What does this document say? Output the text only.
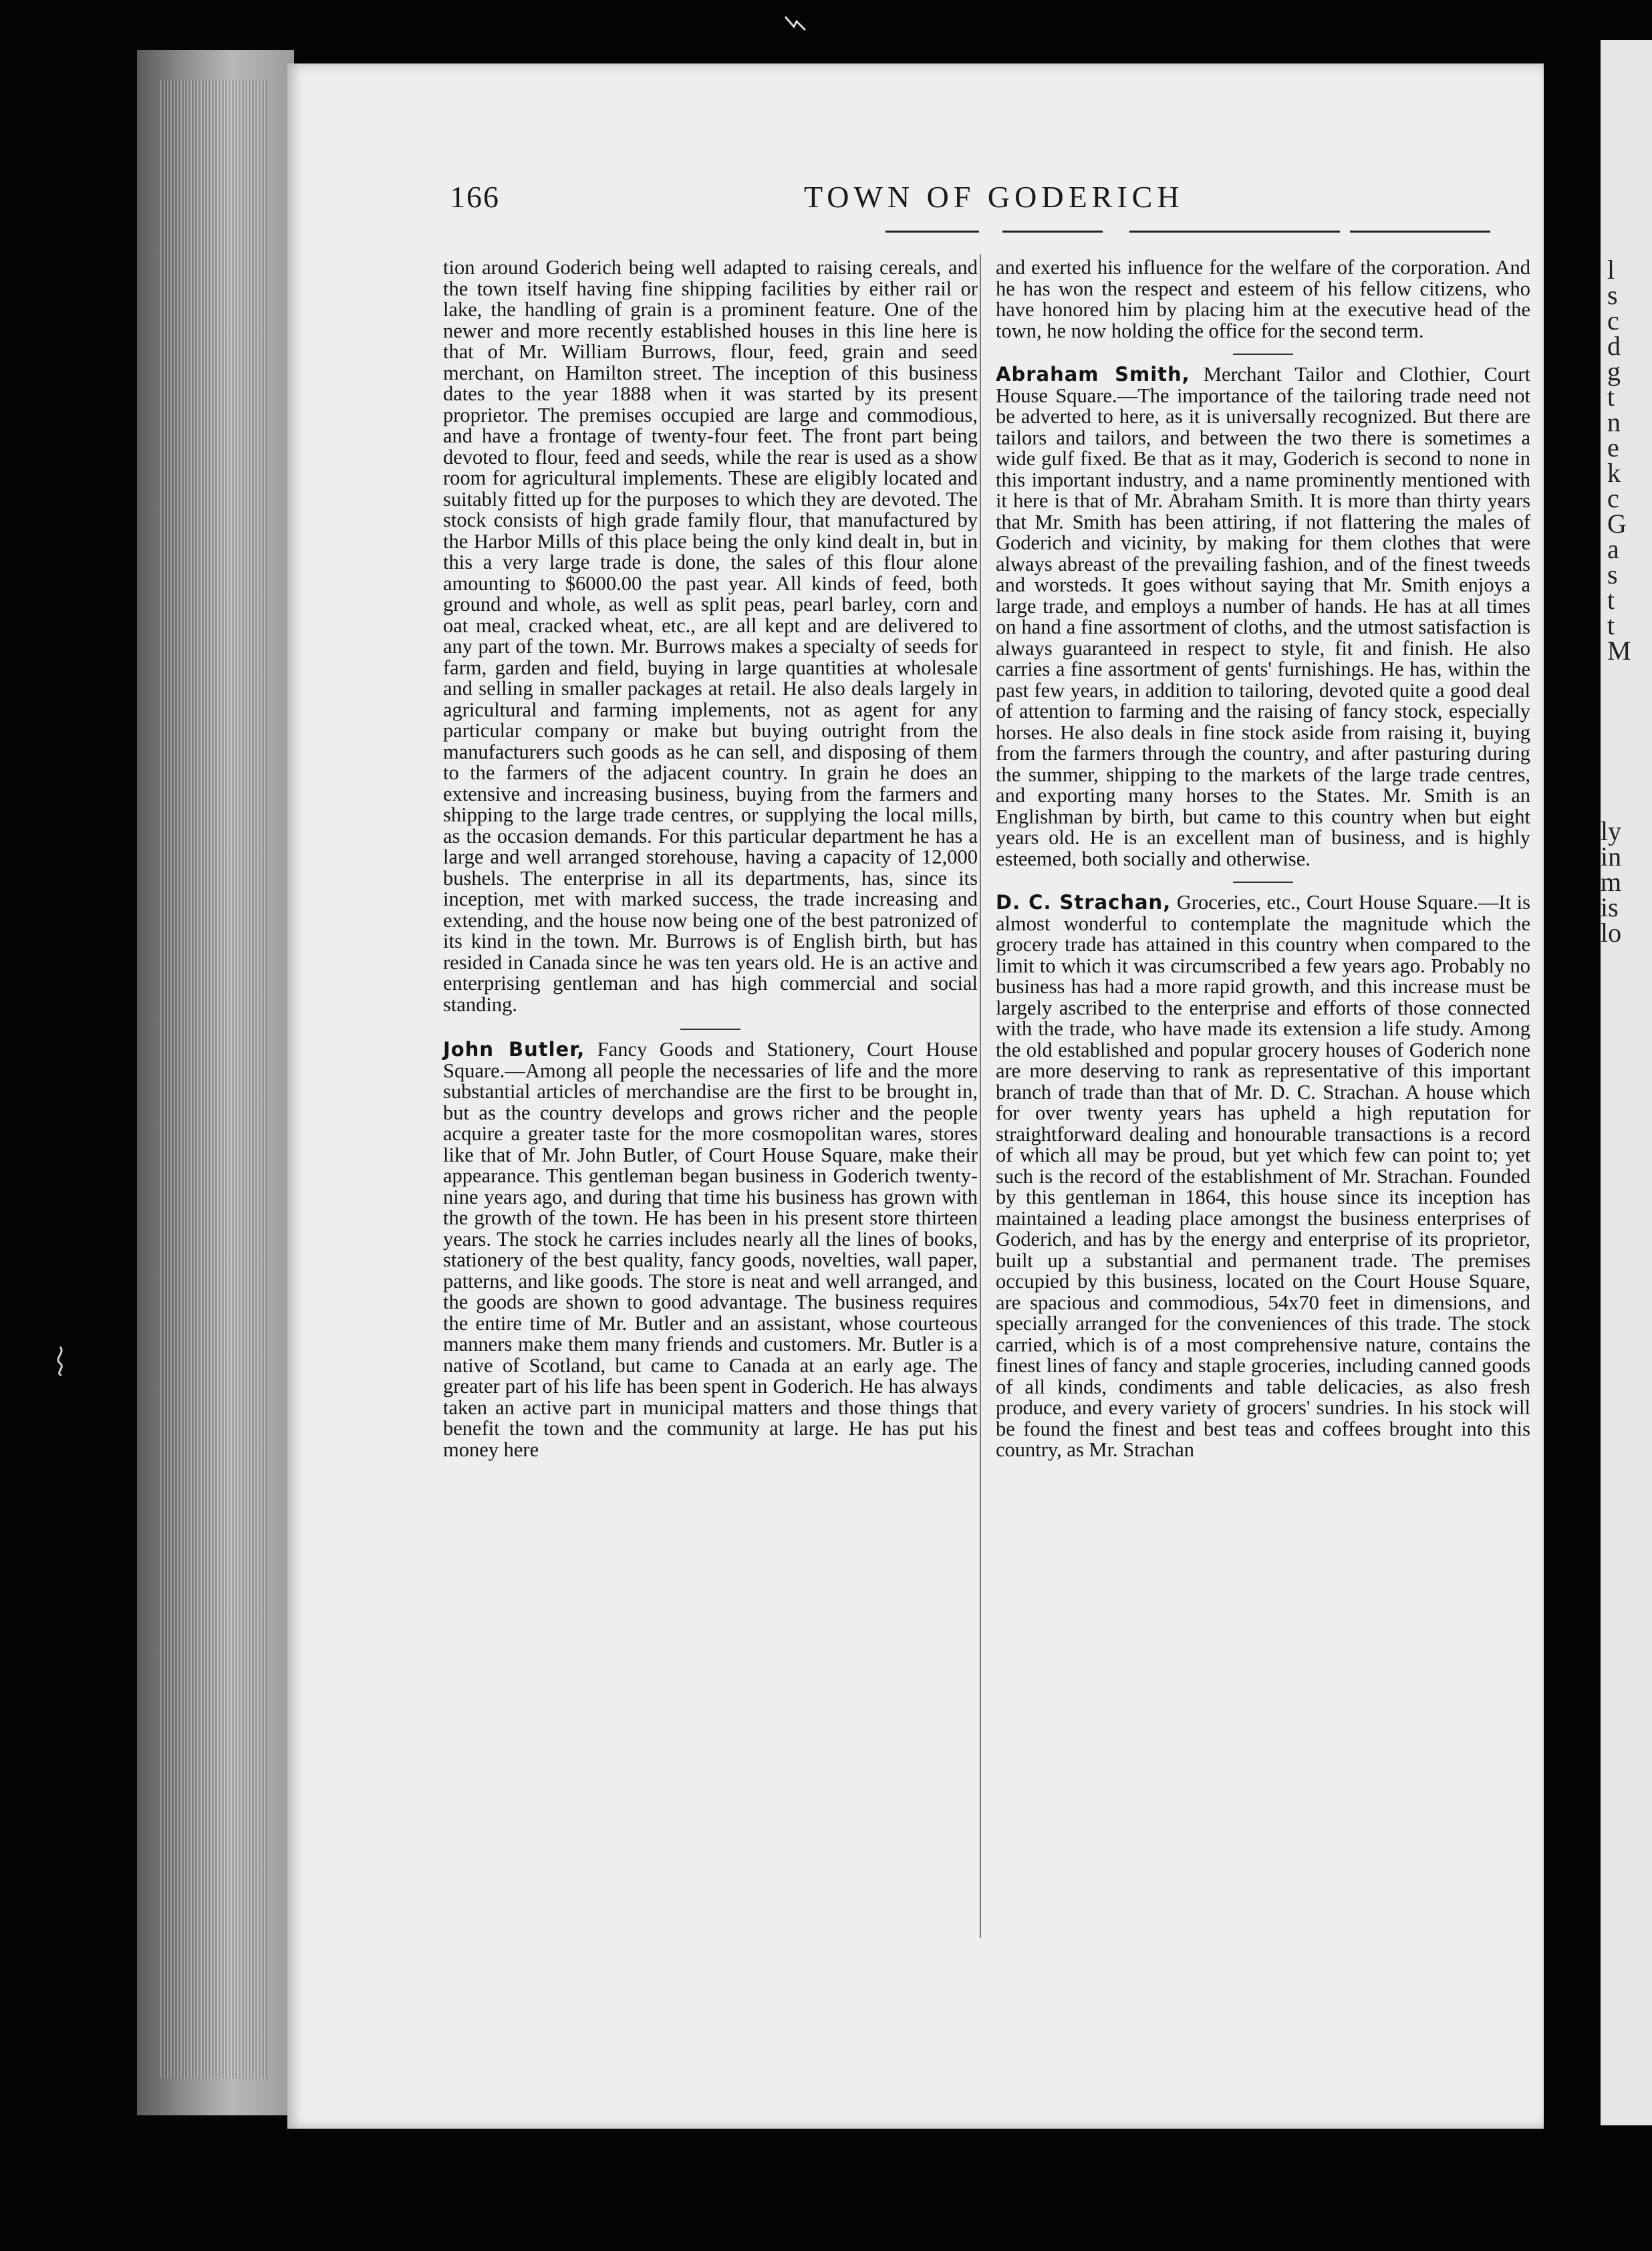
l
s
c
d
g
t
n
e
k
c
G
a
s
t
t
M
ly
in
m
is
lo
166	TOWN OF GODERICH

tion around Goderich being well adapted to raising cereals, and the town itself having fine shipping facilities by either rail or lake, the handling of grain is a prominent feature. One of the newer and more recently established houses in this line here is that of Mr. William Burrows, flour, feed, grain and seed merchant, on Hamilton street. The inception of this business dates to the year 1888 when it was started by its present proprietor. The premises occupied are large and commodious, and have a frontage of twenty-four feet. The front part being devoted to flour, feed and seeds, while the rear is used as a show room for agricultural implements. These are eligibly located and suitably fitted up for the purposes to which they are devoted. The stock consists of high grade family flour, that manufactured by the Harbor Mills of this place being the only kind dealt in, but in this a very large trade is done, the sales of this flour alone amounting to $6000.00 the past year. All kinds of feed, both ground and whole, as well as split peas, pearl barley, corn and oat meal, cracked wheat, etc., are all kept and are delivered to any part of the town. Mr. Burrows makes a specialty of seeds for farm, garden and field, buying in large quantities at wholesale and selling in smaller packages at retail. He also deals largely in agricultural and farming implements, not as agent for any particular company or make but buying outright from the manufacturers such goods as he can sell, and disposing of them to the farmers of the adjacent country. In grain he does an extensive and increasing business, buying from the farmers and shipping to the large trade centres, or supplying the local mills, as the occasion demands. For this particular department he has a large and well arranged storehouse, having a capacity of 12,000 bushels. The enterprise in all its departments, has, since its inception, met with marked success, the trade increasing and extending, and the house now being one of the best patronized of its kind in the town. Mr. Burrows is of English birth, but has resided in Canada since he was ten years old. He is an active and enterprising gentleman and has high commercial and social standing.

John Butler, Fancy Goods and Stationery, Court House Square.—Among all people the necessaries of life and the more substantial articles of merchandise are the first to be brought in, but as the country develops and grows richer and the people acquire a greater taste for the more cosmopolitan wares, stores like that of Mr. John Butler, of Court House Square, make their appearance. This gentleman began business in Goderich twenty-nine years ago, and during that time his business has grown with the growth of the town. He has been in his present store thirteen years. The stock he carries includes nearly all the lines of books, stationery of the best quality, fancy goods, novelties, wall paper, patterns, and like goods. The store is neat and well arranged, and the goods are shown to good advantage. The business requires the entire time of Mr. Butler and an assistant, whose courteous manners make them many friends and customers. Mr. Butler is a native of Scotland, but came to Canada at an early age. The greater part of his life has been spent in Goderich. He has always taken an active part in municipal matters and those things that benefit the town and the community at large. He has put his money here

and exerted his influence for the welfare of the corporation. And he has won the respect and esteem of his fellow citizens, who have honored him by placing him at the executive head of the town, he now holding the office for the second term.

Abraham Smith, Merchant Tailor and Clothier, Court House Square.—The importance of the tailoring trade need not be adverted to here, as it is universally recognized. But there are tailors and tailors, and between the two there is sometimes a wide gulf fixed. Be that as it may, Goderich is second to none in this important industry, and a name prominently mentioned with it here is that of Mr. Abraham Smith. It is more than thirty years that Mr. Smith has been attiring, if not flattering the males of Goderich and vicinity, by making for them clothes that were always abreast of the prevailing fashion, and of the finest tweeds and worsteds. It goes without saying that Mr. Smith enjoys a large trade, and employs a number of hands. He has at all times on hand a fine assortment of cloths, and the utmost satisfaction is always guaranteed in respect to style, fit and finish. He also carries a fine assortment of gents' furnishings. He has, within the past few years, in addition to tailoring, devoted quite a good deal of attention to farming and the raising of fancy stock, especially horses. He also deals in fine stock aside from raising it, buying from the farmers through the country, and after pasturing during the summer, shipping to the markets of the large trade centres, and exporting many horses to the States. Mr. Smith is an Englishman by birth, but came to this country when but eight years old. He is an excellent man of business, and is highly esteemed, both socially and otherwise.

D. C. Strachan, Groceries, etc., Court House Square.—It is almost wonderful to contemplate the magnitude which the grocery trade has attained in this country when compared to the limit to which it was circumscribed a few years ago. Probably no business has had a more rapid growth, and this increase must be largely ascribed to the enterprise and efforts of those connected with the trade, who have made its extension a life study. Among the old established and popular grocery houses of Goderich none are more deserving to rank as representative of this important branch of trade than that of Mr. D. C. Strachan. A house which for over twenty years has upheld a high reputation for straightforward dealing and honourable transactions is a record of which all may be proud, but yet which few can point to; yet such is the record of the establishment of Mr. Strachan. Founded by this gentleman in 1864, this house since its inception has maintained a leading place amongst the business enterprises of Goderich, and has by the energy and enterprise of its proprietor, built up a substantial and permanent trade. The premises occupied by this business, located on the Court House Square, are spacious and commodious, 54x70 feet in dimensions, and specially arranged for the conveniences of this trade. The stock carried, which is of a most comprehensive nature, contains the finest lines of fancy and staple groceries, including canned goods of all kinds, condiments and table delicacies, as also fresh produce, and every variety of grocers' sundries. In his stock will be found the finest and best teas and coffees brought into this country, as Mr. Strachan
